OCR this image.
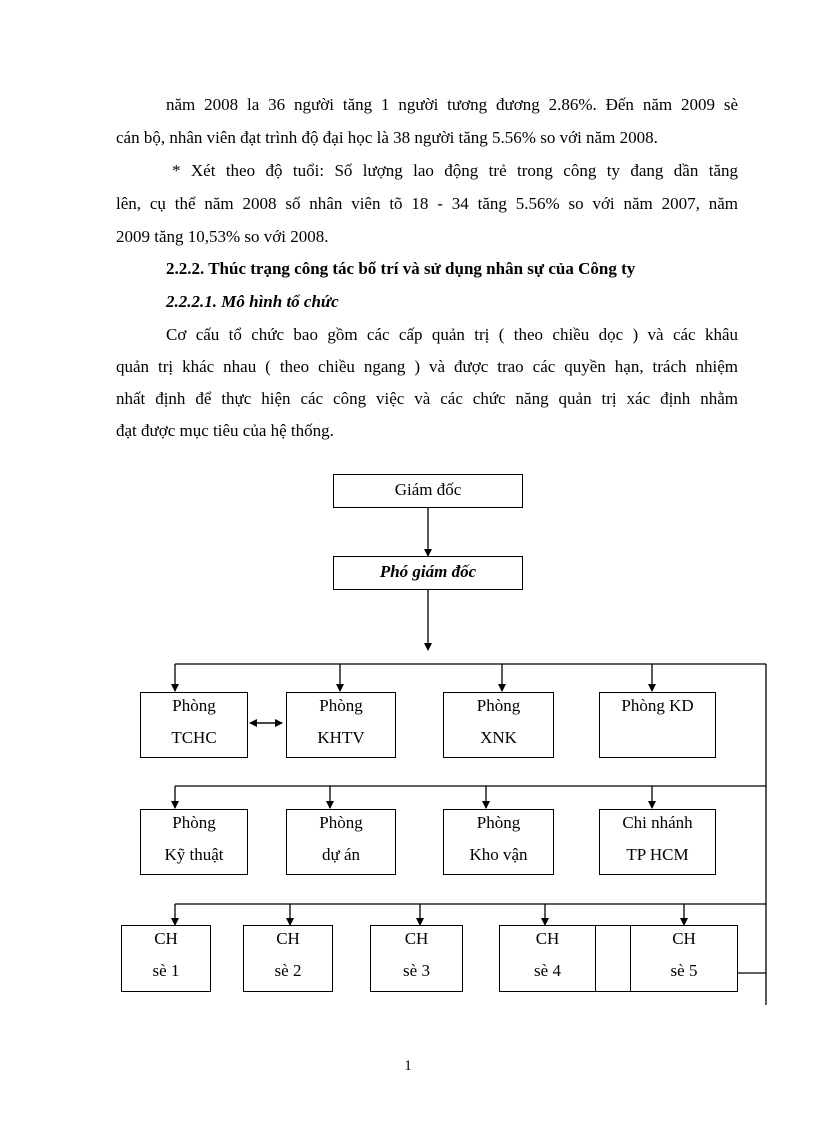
năm 2008 la 36 người tăng 1 người tương đương 2.86%. Đến năm 2009 sè
cán bộ, nhân viên đạt trình độ đại học là 38 người tăng 5.56% so với năm 2008.
* Xét theo độ tuổi: Số lượng lao động trẻ trong công ty đang dần tăng
lên, cụ thể năm 2008 số nhân viên tõ 18 - 34 tăng 5.56% so với năm 2007, năm
2009 tăng 10,53% so với 2008.
2.2.2. Thúc trạng công tác bố trí và sử dụng nhân sự của Công ty
2.2.2.1. Mô hình tổ chức
Cơ cấu tổ chức bao gồm các cấp quản trị ( theo chiều dọc ) và các khâu
quản trị khác nhau ( theo chiều ngang ) và được trao các quyền hạn, trách nhiệm
nhất định để thực hiện các công việc và các chức năng quản trị xác định nhằm
đạt được mục tiêu của hệ thống.
Giám đốc
Phó giám đốc
Phòng
TCHC
Phòng
KHTV
Phòng
XNK
Phòng KD
Phòng
Kỹ thuật
Phòng
dự án
Phòng
Kho vận
Chi nhánh
TP HCM
CH
sè 1
CH
sè 2
CH
sè 3
CH
sè 4
CH
sè 5
1
